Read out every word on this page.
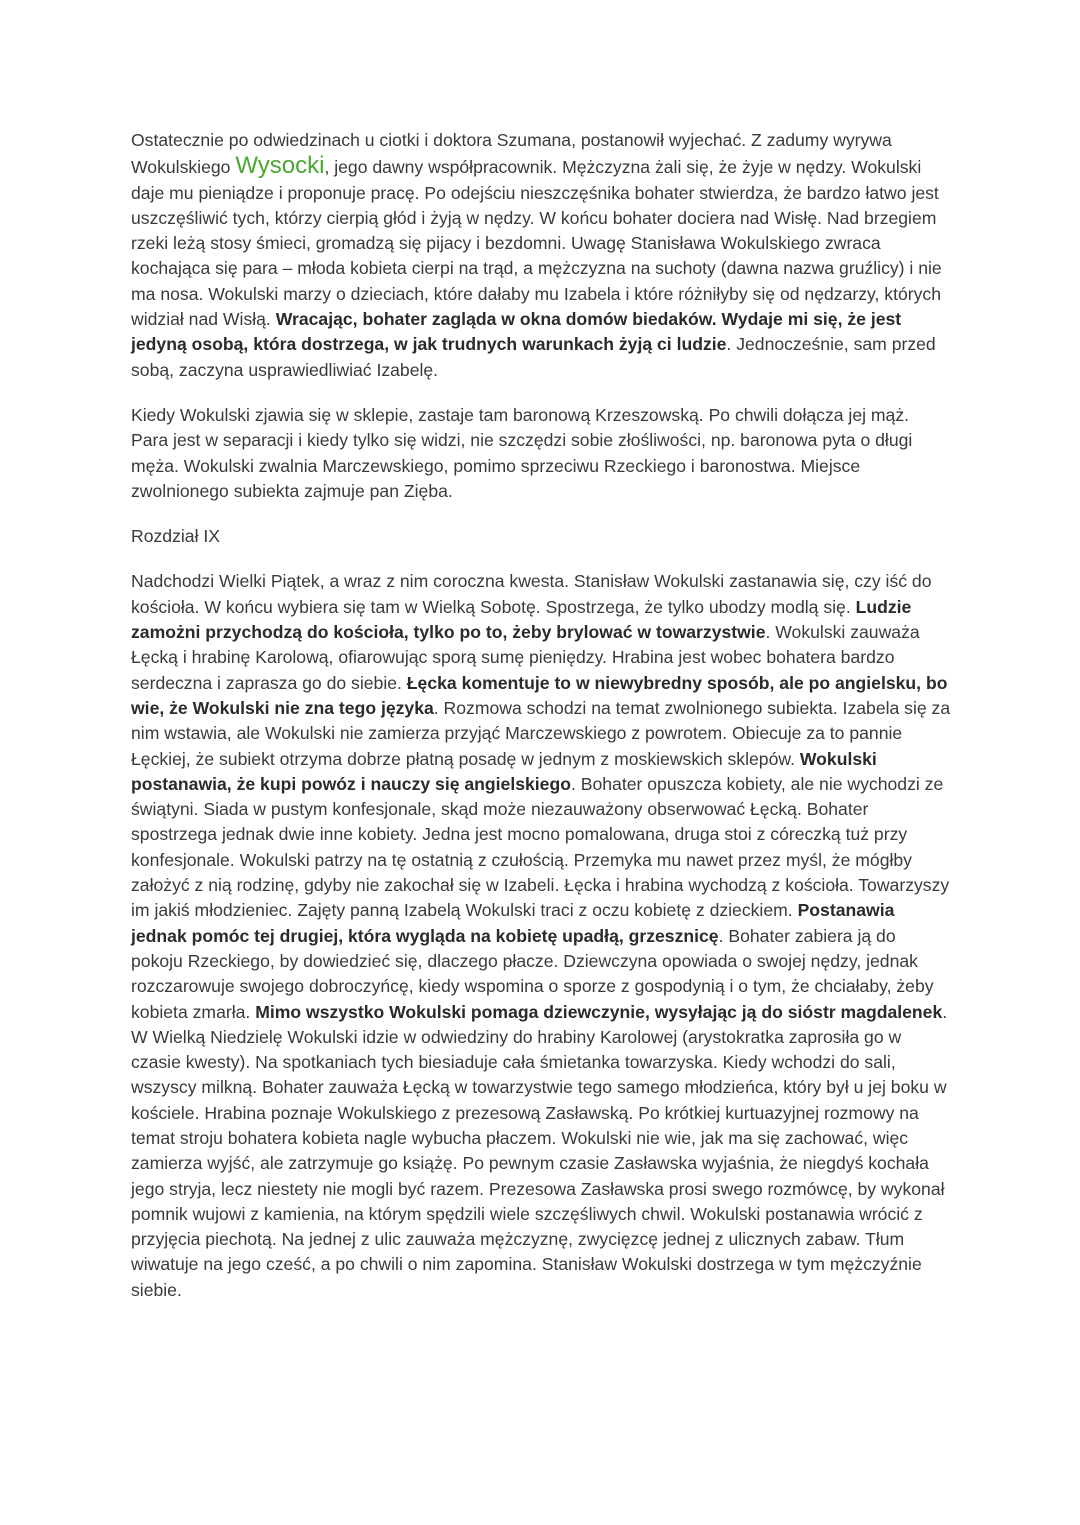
Ostatecznie po odwiedzinach u ciotki i doktora Szumana, postanowił wyjechać. Z zadumy wyrywa Wokulskiego Wysocki, jego dawny współpracownik. Mężczyzna żali się, że żyje w nędzy. Wokulski daje mu pieniądze i proponuje pracę. Po odejściu nieszczęśnika bohater stwierdza, że bardzo łatwo jest uszczęśliwić tych, którzy cierpią głód i żyją w nędzy. W końcu bohater dociera nad Wisłę. Nad brzegiem rzeki leżą stosy śmieci, gromadzą się pijacy i bezdomni. Uwagę Stanisława Wokulskiego zwraca kochająca się para – młoda kobieta cierpi na trąd, a mężczyzna na suchoty (dawna nazwa gruźlicy) i nie ma nosa. Wokulski marzy o dzieciach, które dałaby mu Izabela i które różniłyby się od nędzarzy, których widział nad Wisłą. Wracając, bohater zagląda w okna domów biedaków. Wydaje mi się, że jest jedyną osobą, która dostrzega, w jak trudnych warunkach żyją ci ludzie. Jednocześnie, sam przed sobą, zaczyna usprawiedliwiać Izabelę.

Kiedy Wokulski zjawia się w sklepie, zastaje tam baronową Krzeszowską. Po chwili dołącza jej mąż. Para jest w separacji i kiedy tylko się widzi, nie szczędzi sobie złośliwości, np. baronowa pyta o długi męża. Wokulski zwalnia Marczewskiego, pomimo sprzeciwu Rzeckiego i baronostwa. Miejsce zwolnionego subiekta zajmuje pan Zięba.

Rozdział IX

Nadchodzi Wielki Piątek, a wraz z nim coroczna kwesta. Stanisław Wokulski zastanawia się, czy iść do kościoła. W końcu wybiera się tam w Wielką Sobotę. Spostrzega, że tylko ubodzy modlą się. Ludzie zamożni przychodzą do kościoła, tylko po to, żeby brylować w towarzystwie. Wokulski zauważa Łęcką i hrabinę Karolową, ofiarowując sporą sumę pieniędzy. Hrabina jest wobec bohatera bardzo serdeczna i zaprasza go do siebie. Łęcka komentuje to w niewybredny sposób, ale po angielsku, bo wie, że Wokulski nie zna tego języka. Rozmowa schodzi na temat zwolnionego subiekta. Izabela się za nim wstawia, ale Wokulski nie zamierza przyjąć Marczewskiego z powrotem. Obiecuje za to pannie Łęckiej, że subiekt otrzyma dobrze płatną posadę w jednym z moskiewskich sklepów. Wokulski postanawia, że kupi powóz i nauczy się angielskiego. Bohater opuszcza kobiety, ale nie wychodzi ze świątyni. Siada w pustym konfesjonale, skąd może niezauważony obserwować Łęcką. Bohater spostrzega jednak dwie inne kobiety. Jedna jest mocno pomalowana, druga stoi z córeczką tuż przy konfesjonale. Wokulski patrzy na tę ostatnią z czułością. Przemyka mu nawet przez myśl, że mógłby założyć z nią rodzinę, gdyby nie zakochał się w Izabeli. Łęcka i hrabina wychodzą z kościoła. Towarzyszy im jakiś młodzieniec. Zajęty panną Izabelą Wokulski traci z oczu kobietę z dzieckiem. Postanawia jednak pomóc tej drugiej, która wygląda na kobietę upadłą, grzesznicę. Bohater zabiera ją do pokoju Rzeckiego, by dowiedzieć się, dlaczego płacze. Dziewczyna opowiada o swojej nędzy, jednak rozczarowuje swojego dobroczyńcę, kiedy wspomina o sporze z gospodynią i o tym, że chciałaby, żeby kobieta zmarła. Mimo wszystko Wokulski pomaga dziewczynie, wysyłając ją do sióstr magdalenek. W Wielką Niedzielę Wokulski idzie w odwiedziny do hrabiny Karolowej (arystokratka zaprosiła go w czasie kwesty). Na spotkaniach tych biesiaduje cała śmietanka towarzyska. Kiedy wchodzi do sali, wszyscy milkną. Bohater zauważa Łęcką w towarzystwie tego samego młodzieńca, który był u jej boku w kościele. Hrabina poznaje Wokulskiego z prezesową Zasławską. Po krótkiej kurtuazyjnej rozmowy na temat stroju bohatera kobieta nagle wybucha płaczem. Wokulski nie wie, jak ma się zachować, więc zamierza wyjść, ale zatrzymuje go książę. Po pewnym czasie Zasławska wyjaśnia, że niegdyś kochała jego stryja, lecz niestety nie mogli być razem. Prezesowa Zasławska prosi swego rozmówcę, by wykonał pomnik wujowi z kamienia, na którym spędzili wiele szczęśliwych chwil. Wokulski postanawia wrócić z przyjęcia piechotą. Na jednej z ulic zauważa mężczyznę, zwycięzcę jednej z ulicznych zabaw. Tłum wiwatuje na jego cześć, a po chwili o nim zapomina. Stanisław Wokulski dostrzega w tym mężczyźnie siebie.
